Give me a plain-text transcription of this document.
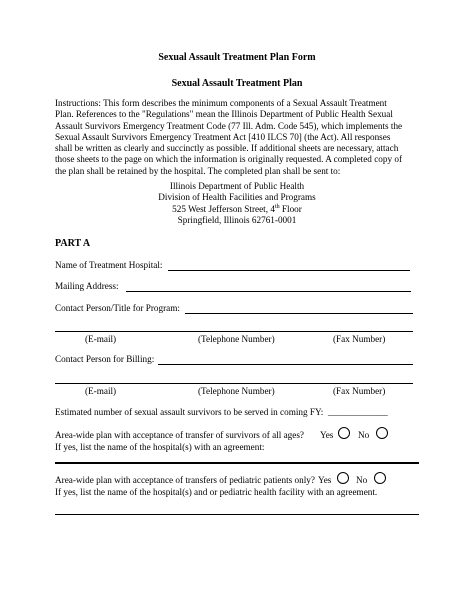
Sexual Assault Treatment Plan Form
Sexual Assault Treatment Plan
Instructions: This form describes the minimum components of a Sexual Assault Treatment
Plan. References to the "Regulations" mean the Illinois Department of Public Health Sexual
Assault Survivors Emergency Treatment Code (77 Ill. Adm. Code 545), which implements the
Sexual Assault Survivors Emergency Treatment Act [410 ILCS 70] (the Act). All responses
shall be written as clearly and succinctly as possible. If additional sheets are necessary, attach
those sheets to the page on which the information is originally requested. A completed copy of
the plan shall be retained by the hospital. The completed plan shall be sent to:
Illinois Department of Public Health
Division of Health Facilities and Programs
525 West Jefferson Street, 4th Floor
Springfield, Illinois 62761-0001
PART A
Name of Treatment Hospital:
Mailing Address:
Contact Person/Title for Program:
(E-mail)	(Telephone Number)	(Fax Number)
Contact Person for Billing:
(E-mail)	(Telephone Number)	(Fax Number)
Estimated number of sexual assault survivors to be served in coming FY: _____________
Area-wide plan with acceptance of transfer of survivors of all ages? Yes	No
If yes, list the name of the hospital(s) with an agreement:
Area-wide plan with acceptance of transfers of pediatric patients only? Yes	No
If yes, list the name of the hospital(s) and or pediatric health facility with an agreement.
